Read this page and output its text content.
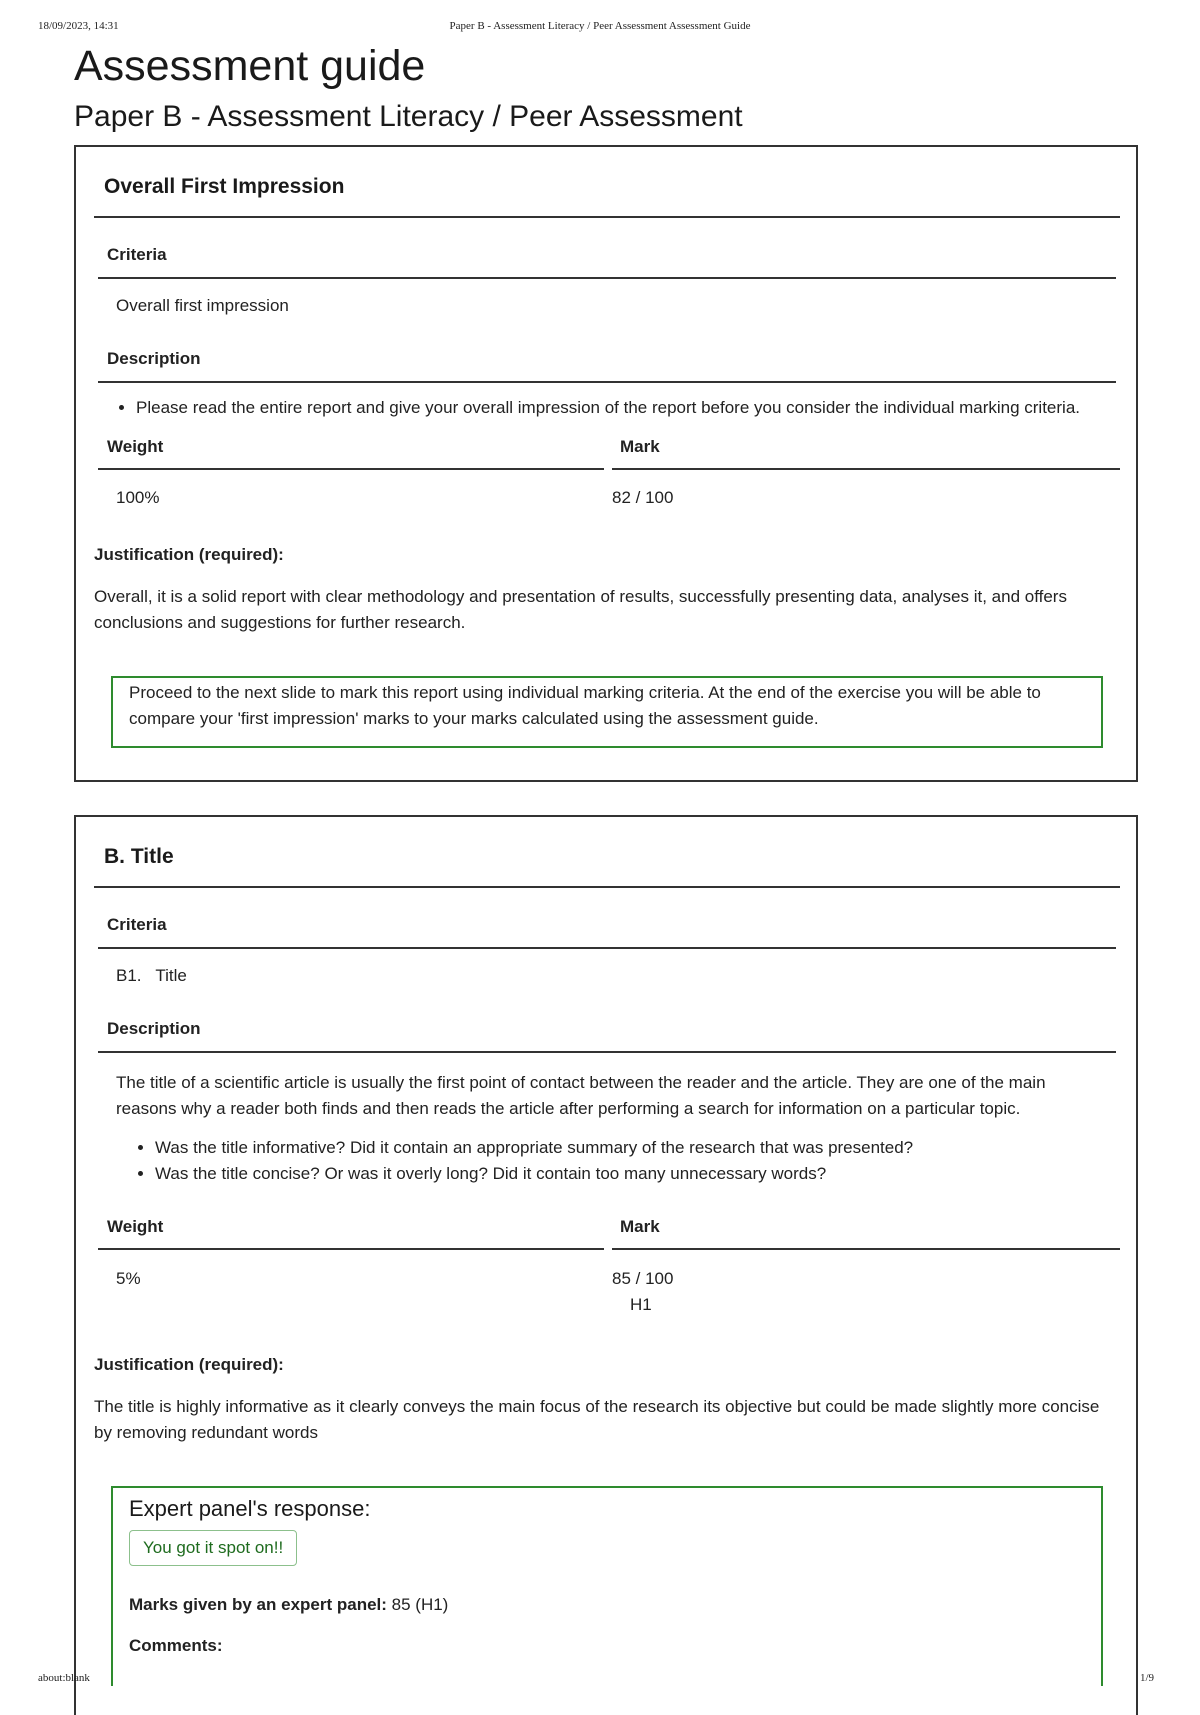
18/09/2023, 14:31	Paper B - Assessment Literacy / Peer Assessment Assessment Guide
Assessment guide
Paper B - Assessment Literacy / Peer Assessment
Overall First Impression
Criteria
Overall first impression
Description
• Please read the entire report and give your overall impression of the report before you consider the individual marking criteria.
Weight	Mark
100%	82 / 100
Justification (required):
Overall, it is a solid report with clear methodology and presentation of results, successfully presenting data, analyses it, and offers conclusions and suggestions for further research.
Proceed to the next slide to mark this report using individual marking criteria. At the end of the exercise you will be able to compare your 'first impression' marks to your marks calculated using the assessment guide.
B. Title
Criteria
B1.   Title
Description
The title of a scientific article is usually the first point of contact between the reader and the article. They are one of the main reasons why a reader both finds and then reads the article after performing a search for information on a particular topic.
• Was the title informative? Did it contain an appropriate summary of the research that was presented?
• Was the title concise? Or was it overly long? Did it contain too many unnecessary words?
Weight	Mark
5%	85 / 100
H1
Justification (required):
The title is highly informative as it clearly conveys the main focus of the research its objective but could be made slightly more concise by removing redundant words
Expert panel's response:
You got it spot on!!
Marks given by an expert panel: 85 (H1)
Comments:
about:blank	1/9
